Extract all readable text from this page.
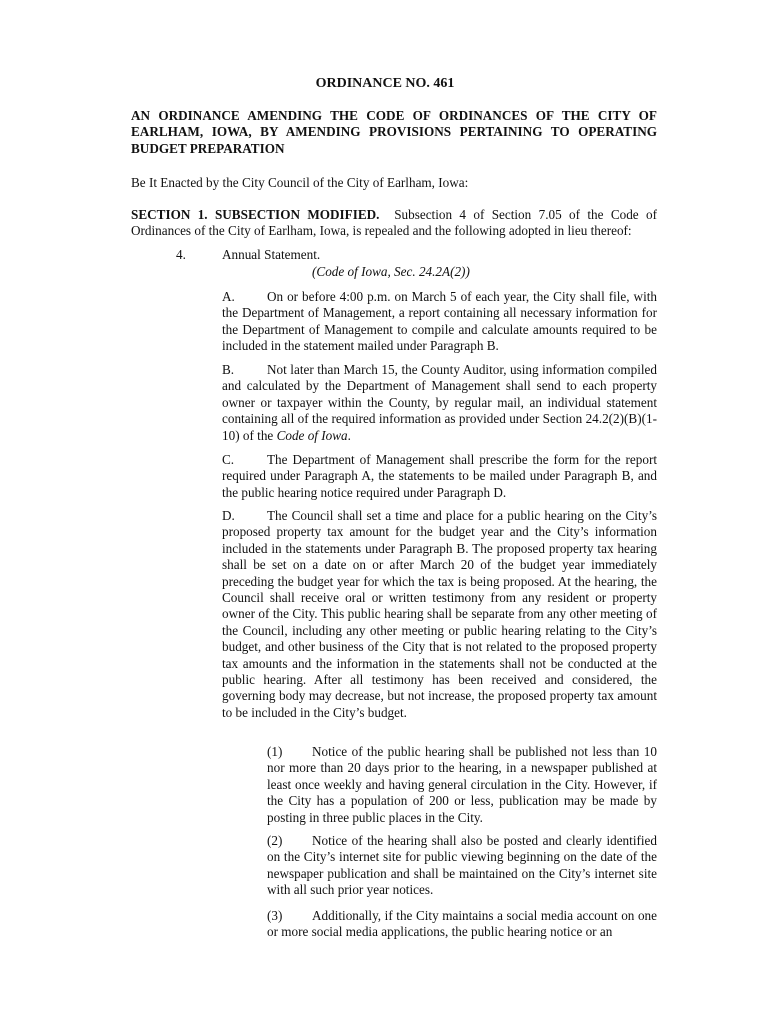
ORDINANCE NO. 461
AN ORDINANCE AMENDING THE CODE OF ORDINANCES OF THE CITY OF EARLHAM, IOWA, BY AMENDING PROVISIONS PERTAINING TO OPERATING BUDGET PREPARATION
Be It Enacted by the City Council of the City of Earlham, Iowa:
SECTION 1. SUBSECTION MODIFIED. Subsection 4 of Section 7.05 of the Code of Ordinances of the City of Earlham, Iowa, is repealed and the following adopted in lieu thereof:
4.	Annual Statement.
(Code of Iowa, Sec. 24.2A(2))
A. On or before 4:00 p.m. on March 5 of each year, the City shall file, with the Department of Management, a report containing all necessary information for the Department of Management to compile and calculate amounts required to be included in the statement mailed under Paragraph B.
B. Not later than March 15, the County Auditor, using information compiled and calculated by the Department of Management shall send to each property owner or taxpayer within the County, by regular mail, an individual statement containing all of the required information as provided under Section 24.2(2)(B)(1-10) of the Code of Iowa.
C. The Department of Management shall prescribe the form for the report required under Paragraph A, the statements to be mailed under Paragraph B, and the public hearing notice required under Paragraph D.
D. The Council shall set a time and place for a public hearing on the City’s proposed property tax amount for the budget year and the City’s information included in the statements under Paragraph B. The proposed property tax hearing shall be set on a date on or after March 20 of the budget year immediately preceding the budget year for which the tax is being proposed. At the hearing, the Council shall receive oral or written testimony from any resident or property owner of the City. This public hearing shall be separate from any other meeting of the Council, including any other meeting or public hearing relating to the City’s budget, and other business of the City that is not related to the proposed property tax amounts and the information in the statements shall not be conducted at the public hearing. After all testimony has been received and considered, the governing body may decrease, but not increase, the proposed property tax amount to be included in the City’s budget.
(1) Notice of the public hearing shall be published not less than 10 nor more than 20 days prior to the hearing, in a newspaper published at least once weekly and having general circulation in the City. However, if the City has a population of 200 or less, publication may be made by posting in three public places in the City.
(2) Notice of the hearing shall also be posted and clearly identified on the City’s internet site for public viewing beginning on the date of the newspaper publication and shall be maintained on the City’s internet site with all such prior year notices.
(3) Additionally, if the City maintains a social media account on one or more social media applications, the public hearing notice or an
